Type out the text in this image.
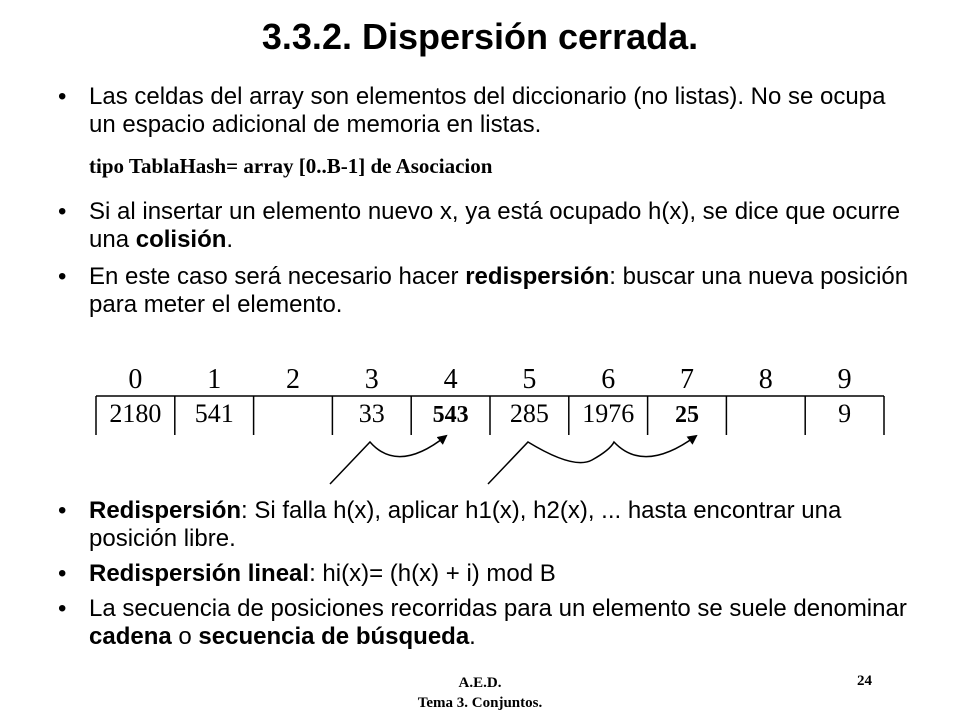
3.3.2. Dispersión cerrada.
• Las celdas del array son elementos del diccionario (no listas). No se ocupa un espacio adicional de memoria en listas.
tipo TablaHash= array [0..B-1] de Asociacion
• Si al insertar un elemento nuevo x, ya está ocupado h(x), se dice que ocurre una colisión.
• En este caso será necesario hacer redispersión: buscar una nueva posición para meter el elemento.
0 1 2 3 4 5 6 7 8 9
2180 541	33 543 285 1976 25	9
• Redispersión: Si falla h(x), aplicar h1(x), h2(x), ... hasta encontrar una posición libre.
• Redispersión lineal: hi(x)= (h(x) + i) mod B
• La secuencia de posiciones recorridas para un elemento se suele denominar cadena o secuencia de búsqueda.
A.E.D.
Tema 3. Conjuntos.
24
